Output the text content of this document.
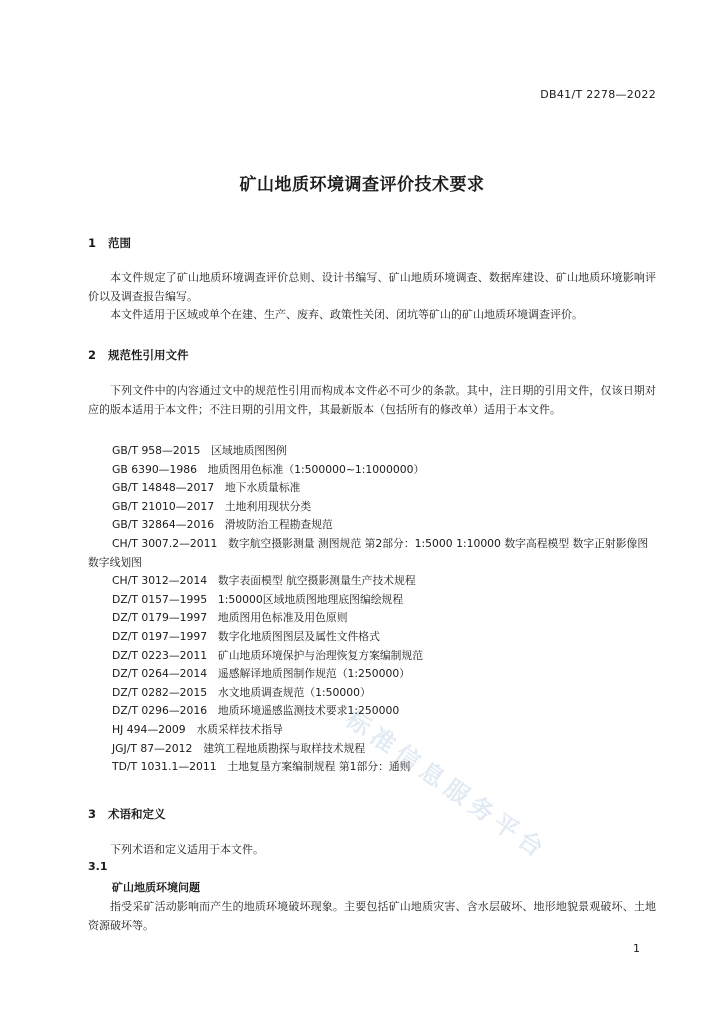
标准信息服务平台
DB41/T 2278—2022
矿山地质环境调查评价技术要求
1 范围
本文件规定了矿山地质环境调查评价总则、设计书编写、矿山地质环境调查、数据库建设、矿山地质环境影响评价以及调查报告编写。
本文件适用于区域或单个在建、生产、废弃、政策性关闭、闭坑等矿山的矿山地质环境调查评价。
2 规范性引用文件
下列文件中的内容通过文中的规范性引用而构成本文件必不可少的条款。其中，注日期的引用文件，仅该日期对应的版本适用于本文件；不注日期的引用文件，其最新版本（包括所有的修改单）适用于本文件。
GB/T 958—2015　区域地质图图例
GB 6390—1986　地质图用色标准（1:500000~1:1000000）
GB/T 14848—2017　地下水质量标准
GB/T 21010—2017　土地利用现状分类
GB/T 32864—2016　滑坡防治工程勘查规范
CH/T 3007.2—2011　数字航空摄影测量 测图规范 第2部分：1:5000 1:10000 数字高程模型 数字正射影像图 数字线划图
CH/T 3012—2014　数字表面模型 航空摄影测量生产技术规程
DZ/T 0157—1995　1:50000区域地质图地理底图编绘规程
DZ/T 0179—1997　地质图用色标准及用色原则
DZ/T 0197—1997　数字化地质图图层及属性文件格式
DZ/T 0223—2011　矿山地质环境保护与治理恢复方案编制规范
DZ/T 0264—2014　遥感解译地质图制作规范（1:250000）
DZ/T 0282—2015　水文地质调查规范（1:50000）
DZ/T 0296—2016　地质环境遥感监测技术要求1:250000
HJ 494—2009　水质采样技术指导
JGJ/T 87—2012　建筑工程地质勘探与取样技术规程
TD/T 1031.1—2011　土地复垦方案编制规程 第1部分：通则
3 术语和定义
下列术语和定义适用于本文件。
3.1
矿山地质环境问题
指受采矿活动影响而产生的地质环境破坏现象。主要包括矿山地质灾害、含水层破坏、地形地貌景观破坏、土地资源破坏等。
1
